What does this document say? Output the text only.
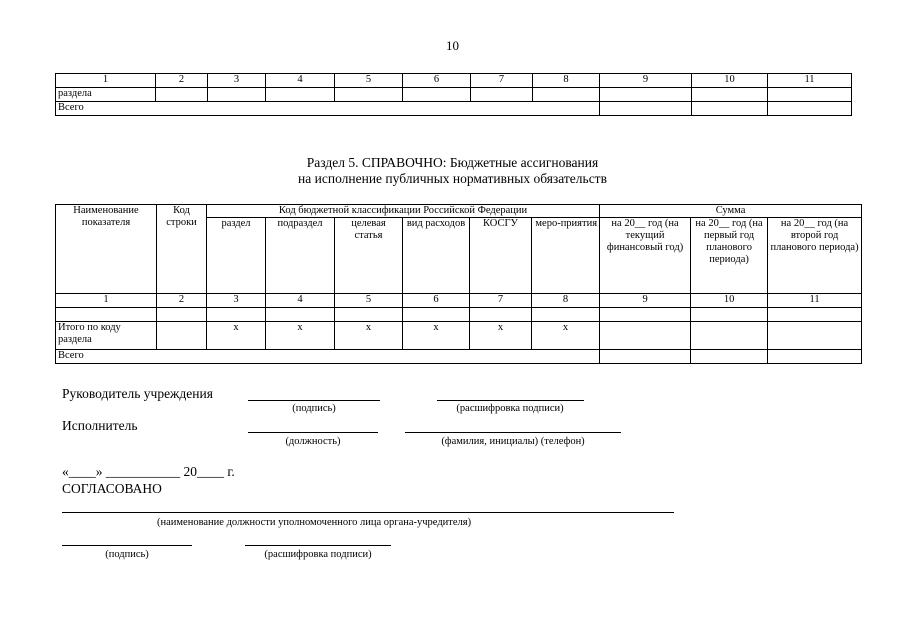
10
1	2	3	4	5	6	7	8	9	10	11
раздела										
Всего										
Раздел 5. СПРАВОЧНО: Бюджетные ассигнования
на исполнение публичных нормативных обязательств
Наименование показателя	Код строки	Код бюджетной классификации Российской Федерации						Сумма		
		раздел	подраздел	целевая статья	вид расходов	КОСГУ	меро-приятия	на 20__ год (на текущий финансовый год)	на 20__ год (на первый год планового периода)	на 20__ год (на второй год планового периода)
1	2	3	4	5	6	7	8	9	10	11

Итого по коду раздела		х	х	х	х	х	х			
Всего										
Руководитель учреждения
(подпись)	(расшифровка подписи)
Исполнитель
(должность)	(фамилия, инициалы) (телефон)
«____» ___________ 20____ г.
СОГЛАСОВАНО
(наименование должности уполномоченного лица органа-учредителя)
(подпись)	(расшифровка подписи)
